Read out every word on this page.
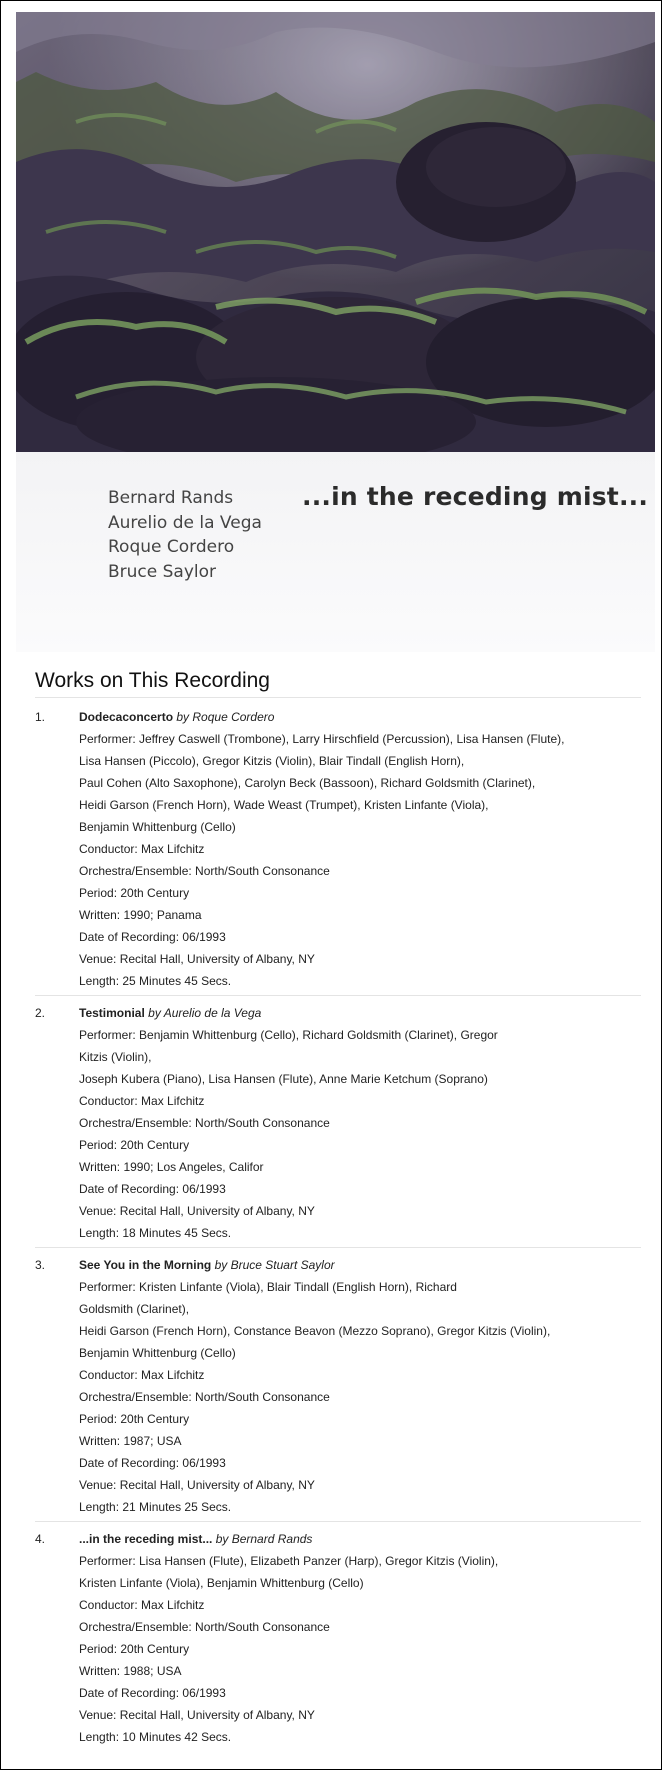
Bernard Rands
Aurelio de la Vega
Roque Cordero
Bruce Saylor
...in the receding mist...
Works on This Recording
1.	Dodecaconcerto by Roque Cordero
Performer: Jeffrey Caswell (Trombone), Larry Hirschfield (Percussion), Lisa Hansen (Flute),
Lisa Hansen (Piccolo), Gregor Kitzis (Violin), Blair Tindall (English Horn),
Paul Cohen (Alto Saxophone), Carolyn Beck (Bassoon), Richard Goldsmith (Clarinet),
Heidi Garson (French Horn), Wade Weast (Trumpet), Kristen Linfante (Viola),
Benjamin Whittenburg (Cello)
Conductor: Max Lifchitz
Orchestra/Ensemble: North/South Consonance
Period: 20th Century
Written: 1990; Panama
Date of Recording: 06/1993
Venue: Recital Hall, University of Albany, NY
Length: 25 Minutes 45 Secs.
2.	Testimonial by Aurelio de la Vega
Performer: Benjamin Whittenburg (Cello), Richard Goldsmith (Clarinet), Gregor
Kitzis (Violin),
Joseph Kubera (Piano), Lisa Hansen (Flute), Anne Marie Ketchum (Soprano)
Conductor: Max Lifchitz
Orchestra/Ensemble: North/South Consonance
Period: 20th Century
Written: 1990; Los Angeles, Califor
Date of Recording: 06/1993
Venue: Recital Hall, University of Albany, NY
Length: 18 Minutes 45 Secs.
3.	See You in the Morning by Bruce Stuart Saylor
Performer: Kristen Linfante (Viola), Blair Tindall (English Horn), Richard
Goldsmith (Clarinet),
Heidi Garson (French Horn), Constance Beavon (Mezzo Soprano), Gregor Kitzis (Violin),
Benjamin Whittenburg (Cello)
Conductor: Max Lifchitz
Orchestra/Ensemble: North/South Consonance
Period: 20th Century
Written: 1987; USA
Date of Recording: 06/1993
Venue: Recital Hall, University of Albany, NY
Length: 21 Minutes 25 Secs.
4.	...in the receding mist... by Bernard Rands
Performer: Lisa Hansen (Flute), Elizabeth Panzer (Harp), Gregor Kitzis (Violin),
Kristen Linfante (Viola), Benjamin Whittenburg (Cello)
Conductor: Max Lifchitz
Orchestra/Ensemble: North/South Consonance
Period: 20th Century
Written: 1988; USA
Date of Recording: 06/1993
Venue: Recital Hall, University of Albany, NY
Length: 10 Minutes 42 Secs.
